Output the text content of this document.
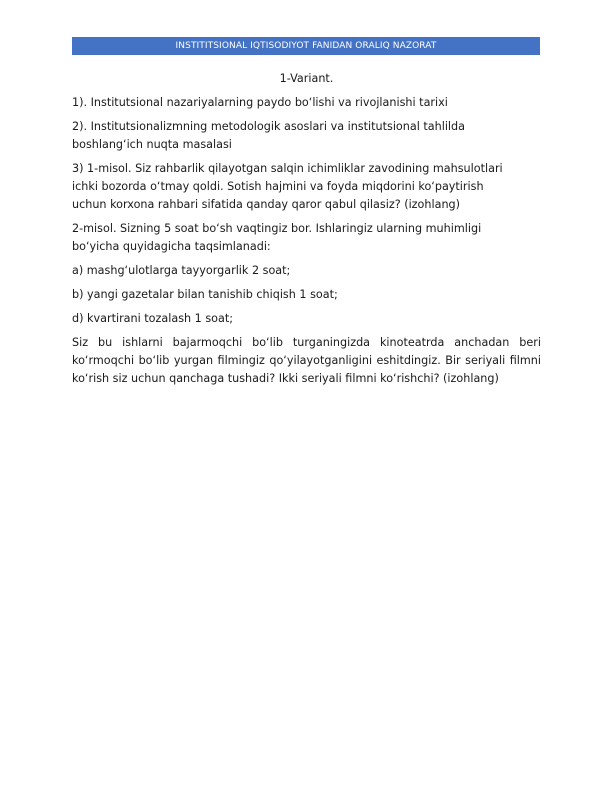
INSTITITSIONAL IQTISODIYOT FANIDAN ORALIQ NAZORAT

1-Variant.

1). Institutsional nazariyalarning paydo bo‘lishi va rivojlanishi tarixi

2). Institutsionalizmning metodologik asoslari va institutsional tahlilda
boshlang‘ich nuqta masalasi

3) 1-misol. Siz rahbarlik qilayotgan salqin ichimliklar zavodining mahsulotlari
ichki bozorda o‘tmay qoldi. Sotish hajmini va foyda miqdorini ko‘paytirish
uchun korxona rahbari sifatida qanday qaror qabul qilasiz? (izohlang)

2-misol. Sizning 5 soat bo‘sh vaqtingiz bor. Ishlaringiz ularning muhimligi
bo‘yicha quyidagicha taqsimlanadi:

a) mashg‘ulotlarga tayyorgarlik 2 soat;

b) yangi gazetalar bilan tanishib chiqish 1 soat;

d) kvartirani tozalash 1 soat;

Siz bu ishlarni bajarmoqchi bo‘lib turganingizda kinoteatrda anchadan beri ko‘rmoqchi bo‘lib yurgan filmingiz qo‘yilayotganligini eshitdingiz. Bir seriyali filmni ko‘rish siz uchun qanchaga tushadi? Ikki seriyali filmni ko‘rishchi? (izohlang)
